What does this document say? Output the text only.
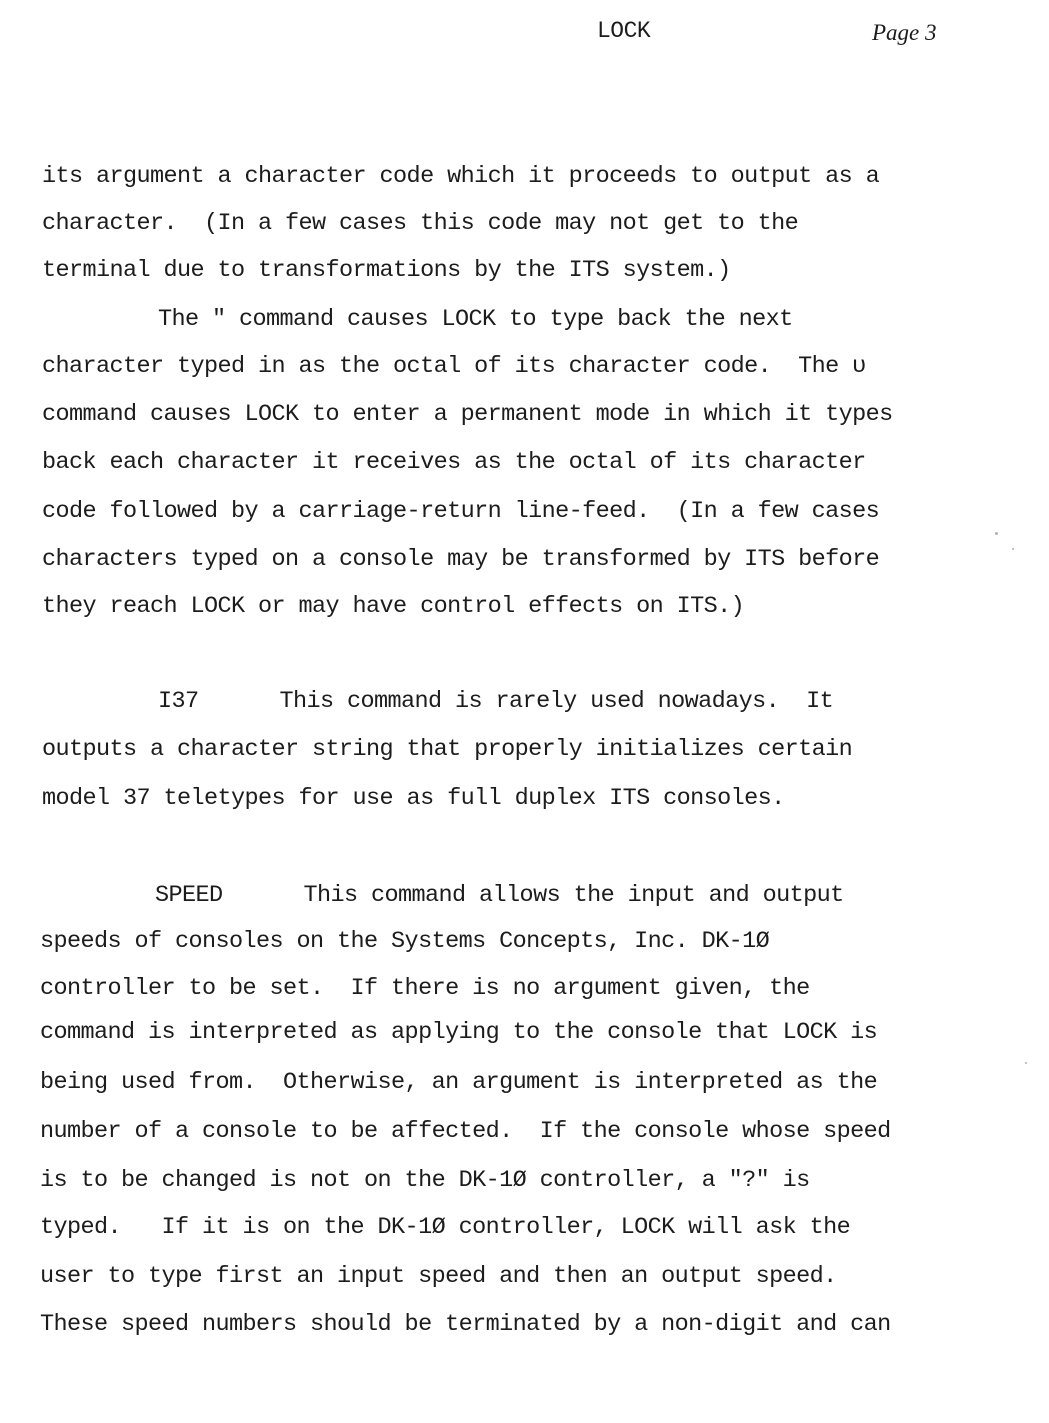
LOCK	Page 3
its argument a character code which it proceeds to output as a
character.  (In a few cases this code may not get to the
terminal due to transformations by the ITS system.)
The " command causes LOCK to type back the next
character typed in as the octal of its character code.  The υ
command causes LOCK to enter a permanent mode in which it types
back each character it receives as the octal of its character
code followed by a carriage-return line-feed.  (In a few cases
characters typed on a console may be transformed by ITS before
they reach LOCK or may have control effects on ITS.)
I37      This command is rarely used nowadays.  It
outputs a character string that properly initializes certain
model 37 teletypes for use as full duplex ITS consoles.
SPEED      This command allows the input and output
speeds of consoles on the Systems Concepts, Inc. DK-1Ø
controller to be set.  If there is no argument given, the
command is interpreted as applying to the console that LOCK is
being used from.  Otherwise, an argument is interpreted as the
number of a console to be affected.  If the console whose speed
is to be changed is not on the DK-1Ø controller, a "?" is
typed.   If it is on the DK-1Ø controller, LOCK will ask the
user to type first an input speed and then an output speed.
These speed numbers should be terminated by a non-digit and can
